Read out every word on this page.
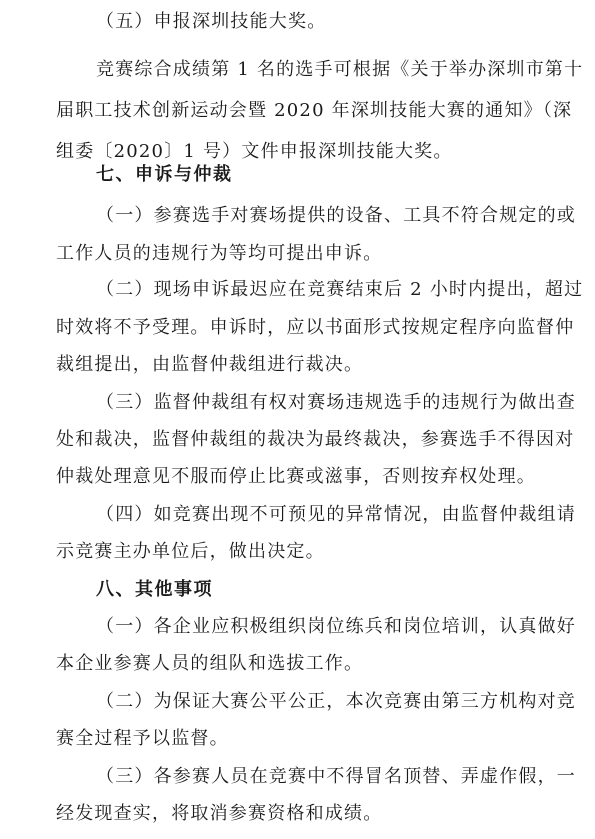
（五）申报深圳技能大奖。
竞赛综合成绩第 1 名的选手可根据《关于举办深圳市第十
届职工技术创新运动会暨 2020 年深圳技能大赛的通知》（深
组委〔2020〕1 号）文件申报深圳技能大奖。
七、申诉与仲裁
（一）参赛选手对赛场提供的设备、工具不符合规定的或
工作人员的违规行为等均可提出申诉。
（二）现场申诉最迟应在竞赛结束后 2 小时内提出，超过
时效将不予受理。申诉时，应以书面形式按规定程序向监督仲
裁组提出，由监督仲裁组进行裁决。
（三）监督仲裁组有权对赛场违规选手的违规行为做出查
处和裁决，监督仲裁组的裁决为最终裁决，参赛选手不得因对
仲裁处理意见不服而停止比赛或滋事，否则按弃权处理。
（四）如竞赛出现不可预见的异常情况，由监督仲裁组请
示竞赛主办单位后，做出决定。
八、其他事项
（一）各企业应积极组织岗位练兵和岗位培训，认真做好
本企业参赛人员的组队和选拔工作。
（二）为保证大赛公平公正，本次竞赛由第三方机构对竞
赛全过程予以监督。
（三）各参赛人员在竞赛中不得冒名顶替、弄虚作假，一
经发现查实，将取消参赛资格和成绩。
